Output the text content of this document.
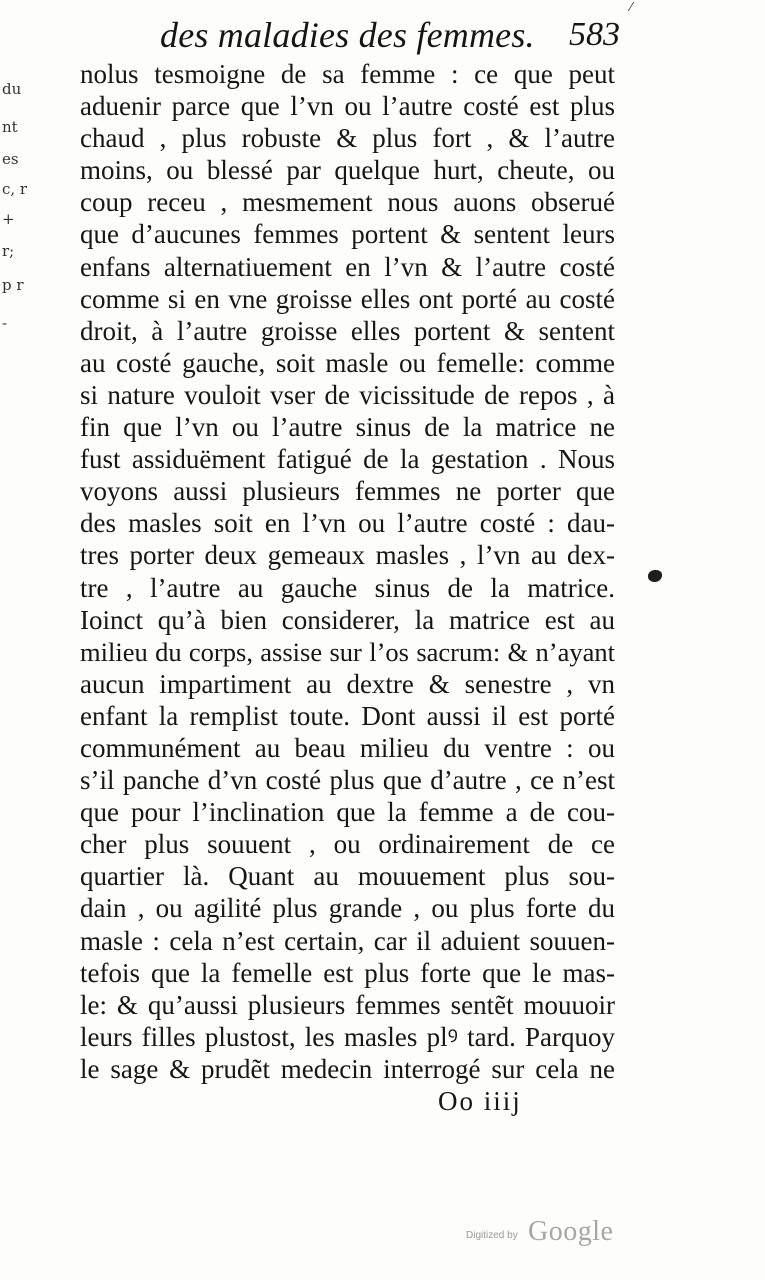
du
nt
es
c, r
+
r;
p r
-
⁄
des maladies des femmes. 583
nolus tesmoigne de sa femme : ce que peut
aduenir parce que l’vn ou l’autre costé est plus
chaud , plus robuste & plus fort , & l’autre
moins, ou blessé par quelque hurt, cheute, ou
coup receu , mesmement nous auons obserué
que d’aucunes femmes portent & sentent leurs
enfans alternatiuement en l’vn & l’autre costé
comme si en vne groisse elles ont porté au costé
droit, à l’autre groisse elles portent & sentent
au costé gauche, soit masle ou femelle: comme
si nature vouloit vser de vicissitude de repos , à
fin que l’vn ou l’autre sinus de la matrice ne
fust assiduëment fatigué de la gestation . Nous
voyons aussi plusieurs femmes ne porter que
des masles soit en l’vn ou l’autre costé : dau-
tres porter deux gemeaux masles , l’vn au dex-
tre , l’autre au gauche sinus de la matrice.
Ioinct qu’à bien considerer, la matrice est au
milieu du corps, assise sur l’os sacrum: & n’ayant
aucun impartiment au dextre & senestre , vn
enfant la remplist toute. Dont aussi il est porté
communément au beau milieu du ventre : ou
s’il panche d’vn costé plus que d’autre , ce n’est
que pour l’inclination que la femme a de cou-
cher plus souuent , ou ordinairement de ce
quartier là. Quant au mouuement plus sou-
dain , ou agilité plus grande , ou plus forte du
masle : cela n’est certain, car il aduient souuen-
tefois que la femelle est plus forte que le mas-
le: & qu’aussi plusieurs femmes sentẽt mouuoir
leurs filles plustost, les masles plꝰ tard. Parquoy
le sage & prudẽt medecin interrogé sur cela ne
Oo iiij
Digitized by Google
